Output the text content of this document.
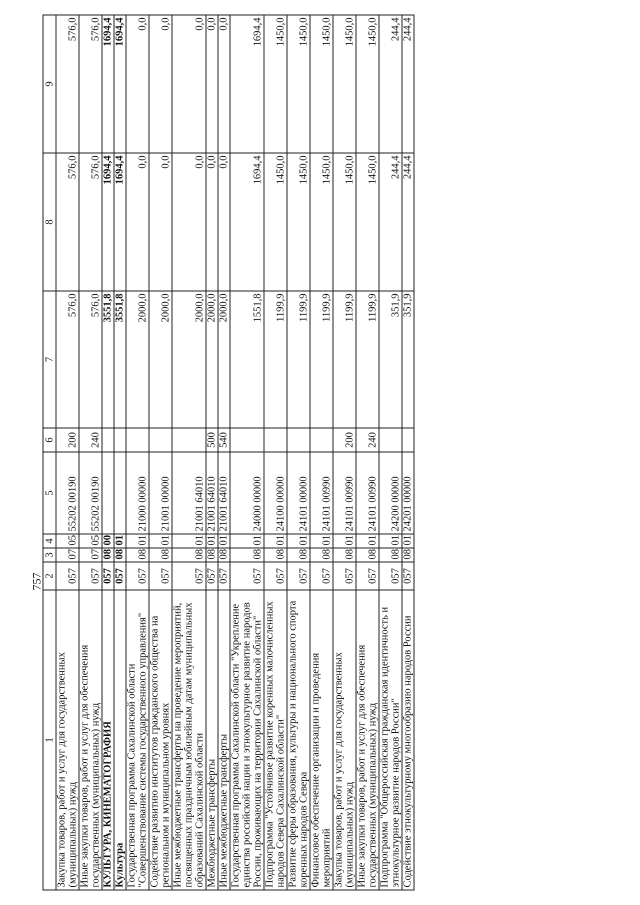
757
1	2	3	4	5	6	7	8	9
Закупка товаров, работ и услуг для государственных (муниципальных) нужд	057	07	05	55202 00190	200	576,0	576,0	576,0
Иные закупки товаров, работ и услуг для обеспечения государственных (муниципальных) нужд	057	07	05	55202 00190	240	576,0	576,0	576,0
КУЛЬТУРА, КИНЕМАТОГРАФИЯ	057	08	00			3551,8	1694,4	1694,4
Культура	057	08	01			3551,8	1694,4	1694,4
Государственная программа Сахалинской области "Совершенствование системы государственного управления"	057	08	01	21000 00000		2000,0	0,0	0,0
Содействие развитию институтов гражданского общества на региональном и муниципальном уровнях	057	08	01	21001 00000		2000,0	0,0	0,0
Иные межбюджетные трансферты на проведение мероприятий, посвященных праздничным юбилейным датам муниципальных образований Сахалинской области	057	08	01	21001 64010		2000,0	0,0	0,0
Межбюджетные трансферты	057	08	01	21001 64010	500	2000,0	0,0	0,0
Иные межбюджетные трансферты	057	08	01	21001 64010	540	2000,0	0,0	0,0
Государственная программа Сахалинской области "Укрепление единства российской нации и этнокультурное развитие народов России, проживающих на территории Сахалинской области"	057	08	01	24000 00000		1551,8	1694,4	1694,4
Подпрограмма "Устойчивое развитие коренных малочисленных народов Севера Сахалинской области"	057	08	01	24100 00000		1199,9	1450,0	1450,0
Развитие сферы образования, культуры и национального спорта коренных народов Севера	057	08	01	24101 00000		1199,9	1450,0	1450,0
Финансовое обеспечение организации и проведения мероприятий	057	08	01	24101 00990		1199,9	1450,0	1450,0
Закупка товаров, работ и услуг для государственных (муниципальных) нужд	057	08	01	24101 00990	200	1199,9	1450,0	1450,0
Иные закупки товаров, работ и услуг для обеспечения государственных (муниципальных) нужд	057	08	01	24101 00990	240	1199,9	1450,0	1450,0
Подпрограмма "Общероссийская гражданская идентичность и этнокультурное развитие народов России"	057	08	01	24200 00000		351,9	244,4	244,4
Содействие этнокультурному многообразию народов России	057	08	01	24201 00000		351,9	244,4	244,4
